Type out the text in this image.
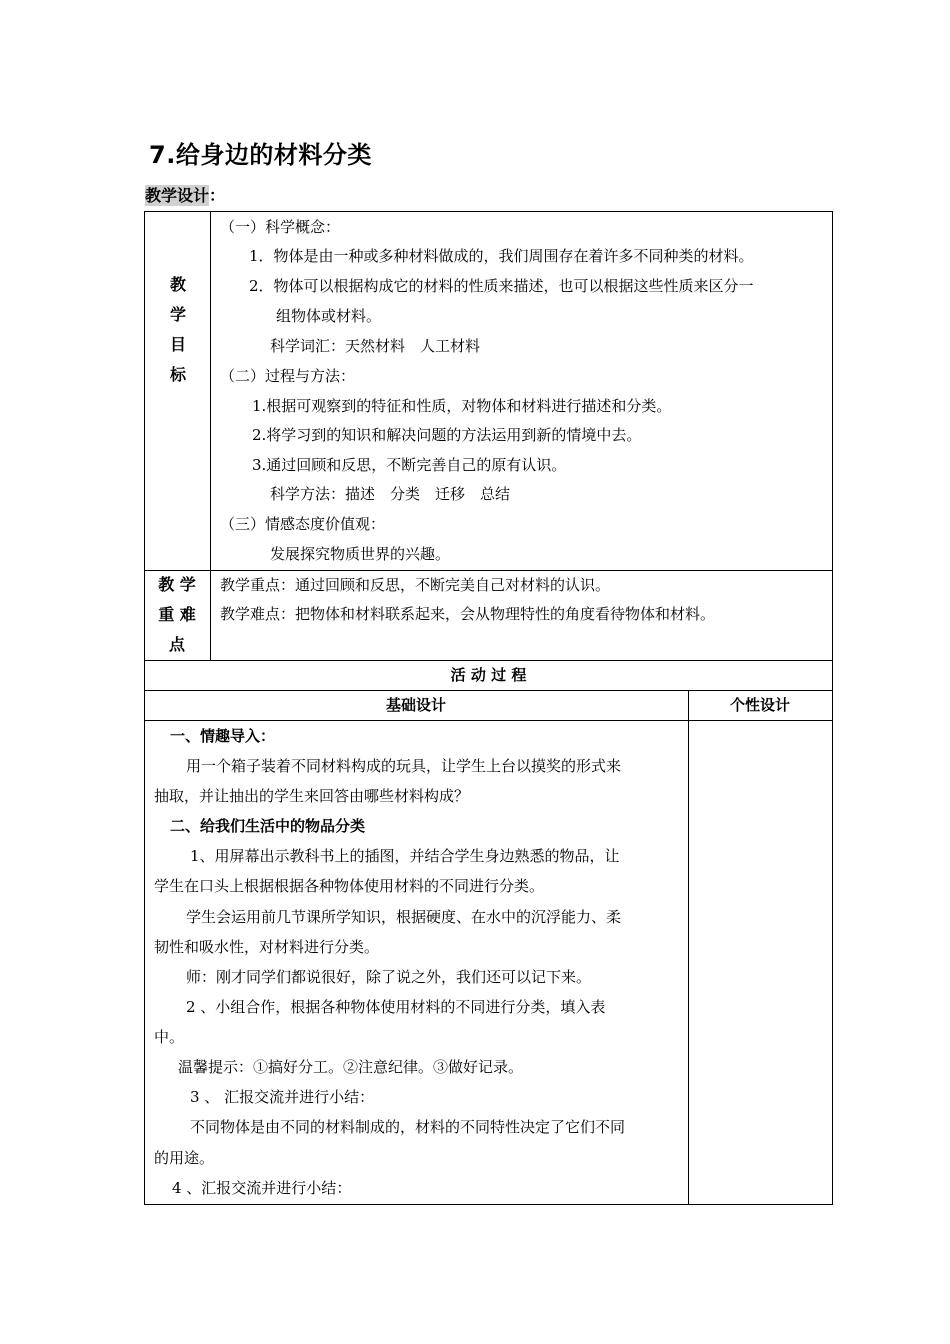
7.给身边的材料分类
教学设计：
教
学
目
标
（一）科学概念：
1．物体是由一种或多种材料做成的，我们周围存在着许多不同种类的材料。
2．物体可以根据构成它的材料的性质来描述，也可以根据这些性质来区分一
组物体或材料。
科学词汇：天然材料　人工材料
（二）过程与方法：
1.根据可观察到的特征和性质，对物体和材料进行描述和分类。
2.将学习到的知识和解决问题的方法运用到新的情境中去。
3.通过回顾和反思，不断完善自己的原有认识。
科学方法：描述　分类　迁移　总结
（三）情感态度价值观：
发展探究物质世界的兴趣。
教 学
重 难
点
教学重点：通过回顾和反思，不断完美自己对材料的认识。
教学难点：把物体和材料联系起来，会从物理特性的角度看待物体和材料。
活 动 过 程
基础设计	个性设计
一、情趣导入：
用一个箱子装着不同材料构成的玩具，让学生上台以摸奖的形式来
抽取，并让抽出的学生来回答由哪些材料构成？
二、给我们生活中的物品分类
1、用屏幕出示教科书上的插图，并结合学生身边熟悉的物品，让
学生在口头上根据根据各种物体使用材料的不同进行分类。
学生会运用前几节课所学知识，根据硬度、在水中的沉浮能力、柔
韧性和吸水性，对材料进行分类。
师：刚才同学们都说很好，除了说之外，我们还可以记下来。
2 、小组合作，根据各种物体使用材料的不同进行分类，填入表
中。
温馨提示：①搞好分工。②注意纪律。③做好记录。
3 、 汇报交流并进行小结：
不同物体是由不同的材料制成的，材料的不同特性决定了它们不同
的用途。
4 、汇报交流并进行小结：
